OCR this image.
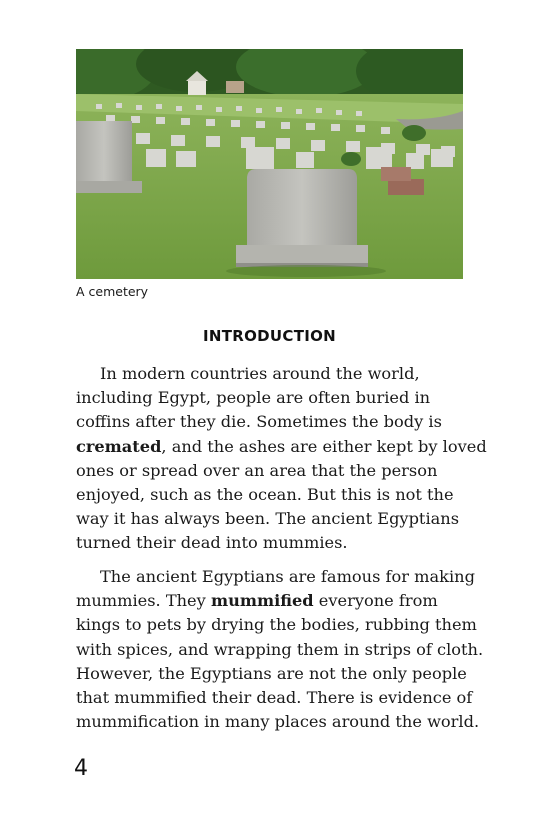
A cemetery
INTRODUCTION

In modern countries around the world,
including Egypt, people are often buried in
coffins after they die. Sometimes the body is
cremated, and the ashes are either kept by loved
ones or spread over an area that the person
enjoyed, such as the ocean. But this is not the
way it has always been. The ancient Egyptians
turned their dead into mummies.

The ancient Egyptians are famous for making
mummies. They mummified everyone from
kings to pets by drying the bodies, rubbing them
with spices, and wrapping them in strips of cloth.
However, the Egyptians are not the only people
that mummified their dead. There is evidence of
mummification in many places around the world.

4
